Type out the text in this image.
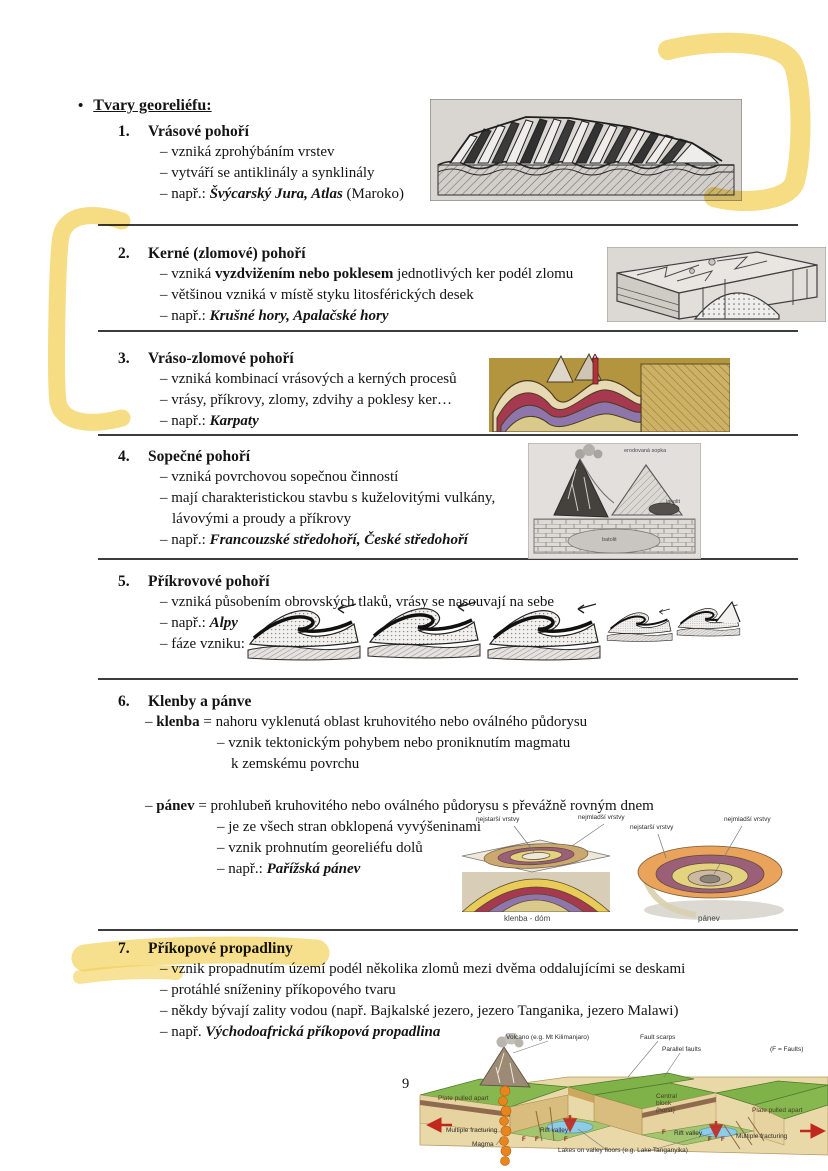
• Tvary georeliéfu:
1. Vrásové pohoří
– vzniká zprohýbáním vrstev
– vytváří se antiklinály a synklinály
– např.: Švýcarský Jura, Atlas (Maroko)
2. Kerné (zlomové) pohoří
– vzniká vyzdvižením nebo poklesem jednotlivých ker podél zlomu
– většinou vzniká v místě styku litosférických desek
– např.: Krušné hory, Apalačské hory
3. Vráso-zlomové pohoří
– vzniká kombinací vrásových a kerných procesů
– vrásy, příkrovy, zlomy, zdvihy a poklesy ker…
– např.: Karpaty
4. Sopečné pohoří
– vzniká povrchovou sopečnou činností
– mají charakteristickou stavbu s kuželovitými vulkány,
lávovými a proudy a příkrovy
– např.: Francouzské středohoří, České středohoří
5. Příkrovové pohoří
– vzniká působením obrovských tlaků, vrásy se nasouvají na sebe
– např.: Alpy
– fáze vzniku:
6. Klenby a pánve
– klenba = nahoru vyklenutá oblast kruhovitého nebo oválného půdorysu
– vznik tektonickým pohybem nebo proniknutím magmatu
k zemskému povrchu
– pánev = prohlubeň kruhovitého nebo oválného půdorysu s převážně rovným dnem
– je ze všech stran obklopená vyvýšeninami
– vznik prohnutím georeliéfu dolů
– např.: Pařížská pánev
7. Příkopové propadliny
– vznik propadnutím území podél několika zlomů mezi dvěma oddalujícími se deskami
– protáhlé sníženiny příkopového tvaru
– někdy bývají zality vodou (např. Bajkalské jezero, jezero Tanganika, jezero Malawi)
– např. Východoafrická příkopová propadlina
erodovaná sopka
lakolit
batolit
nejstarší vrstvy	nejmladší vrstvy
nejstarší vrstvy
nejmladší vrstvy
klenba - dóm	pánev
Volcano (e.g. Mt Kilimanjaro)	Fault scarps
Parallel faults	(F = Faults)
Plate pulled apart
Plate pulled apart
Central block (horst)
Rift valley	Rift valley
Multiple fracturing
Multiple fracturing
Magma
Lakes on valley floors (e.g. Lake Tanganyika)
F F	F
F
F F
9
